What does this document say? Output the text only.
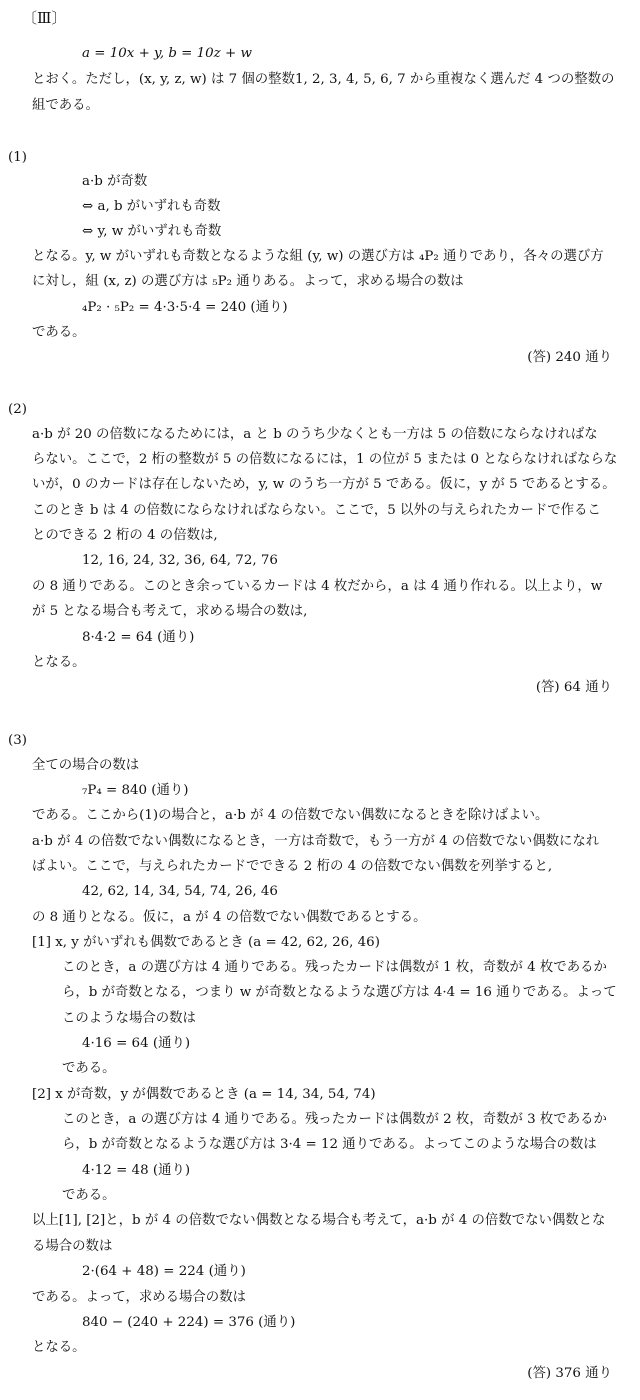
〔Ⅲ〕
a = 10x + y, b = 10z + w
とおく。ただし，(x, y, z, w) は 7 個の整数1, 2, 3, 4, 5, 6, 7 から重複なく選んだ 4 つの整数の
組である。
(1)
a·b が奇数
⇔ a, b がいずれも奇数
⇔ y, w がいずれも奇数
となる。y, w がいずれも奇数となるような組 (y, w) の選び方は ₄P₂ 通りであり，各々の選び方
に対し，組 (x, z) の選び方は ₅P₂ 通りある。よって，求める場合の数は
₄P₂ · ₅P₂ = 4·3·5·4 = 240 (通り)
である。
(答) 240 通り
(2)
a·b が 20 の倍数になるためには，a と b のうち少なくとも一方は 5 の倍数にならなければな
らない。ここで，2 桁の整数が 5 の倍数になるには，1 の位が 5 または 0 とならなければならな
いが，0 のカードは存在しないため，y, w のうち一方が 5 である。仮に，y が 5 であるとする。
このとき b は 4 の倍数にならなければならない。ここで，5 以外の与えられたカードで作るこ
とのできる 2 桁の 4 の倍数は,
12, 16, 24, 32, 36, 64, 72, 76
の 8 通りである。このとき余っているカードは 4 枚だから，a は 4 通り作れる。以上より，w
が 5 となる場合も考えて，求める場合の数は,
8·4·2 = 64 (通り)
となる。
(答) 64 通り
(3)
全ての場合の数は
₇P₄ = 840 (通り)
である。ここから(1)の場合と，a·b が 4 の倍数でない偶数になるときを除けばよい。
a·b が 4 の倍数でない偶数になるとき，一方は奇数で，もう一方が 4 の倍数でない偶数になれ
ばよい。ここで，与えられたカードでできる 2 桁の 4 の倍数でない偶数を列挙すると,
42, 62, 14, 34, 54, 74, 26, 46
の 8 通りとなる。仮に，a が 4 の倍数でない偶数であるとする。
[1] x, y がいずれも偶数であるとき (a = 42, 62, 26, 46)
このとき，a の選び方は 4 通りである。残ったカードは偶数が 1 枚，奇数が 4 枚であるか
ら，b が奇数となる，つまり w が奇数となるような選び方は 4·4 = 16 通りである。よって
このような場合の数は
4·16 = 64 (通り)
である。
[2] x が奇数，y が偶数であるとき (a = 14, 34, 54, 74)
このとき，a の選び方は 4 通りである。残ったカードは偶数が 2 枚，奇数が 3 枚であるか
ら，b が奇数となるような選び方は 3·4 = 12 通りである。よってこのような場合の数は
4·12 = 48 (通り)
である。
以上[1], [2]と，b が 4 の倍数でない偶数となる場合も考えて，a·b が 4 の倍数でない偶数とな
る場合の数は
2·(64 + 48) = 224 (通り)
である。よって，求める場合の数は
840 − (240 + 224) = 376 (通り)
となる。
(答) 376 通り
